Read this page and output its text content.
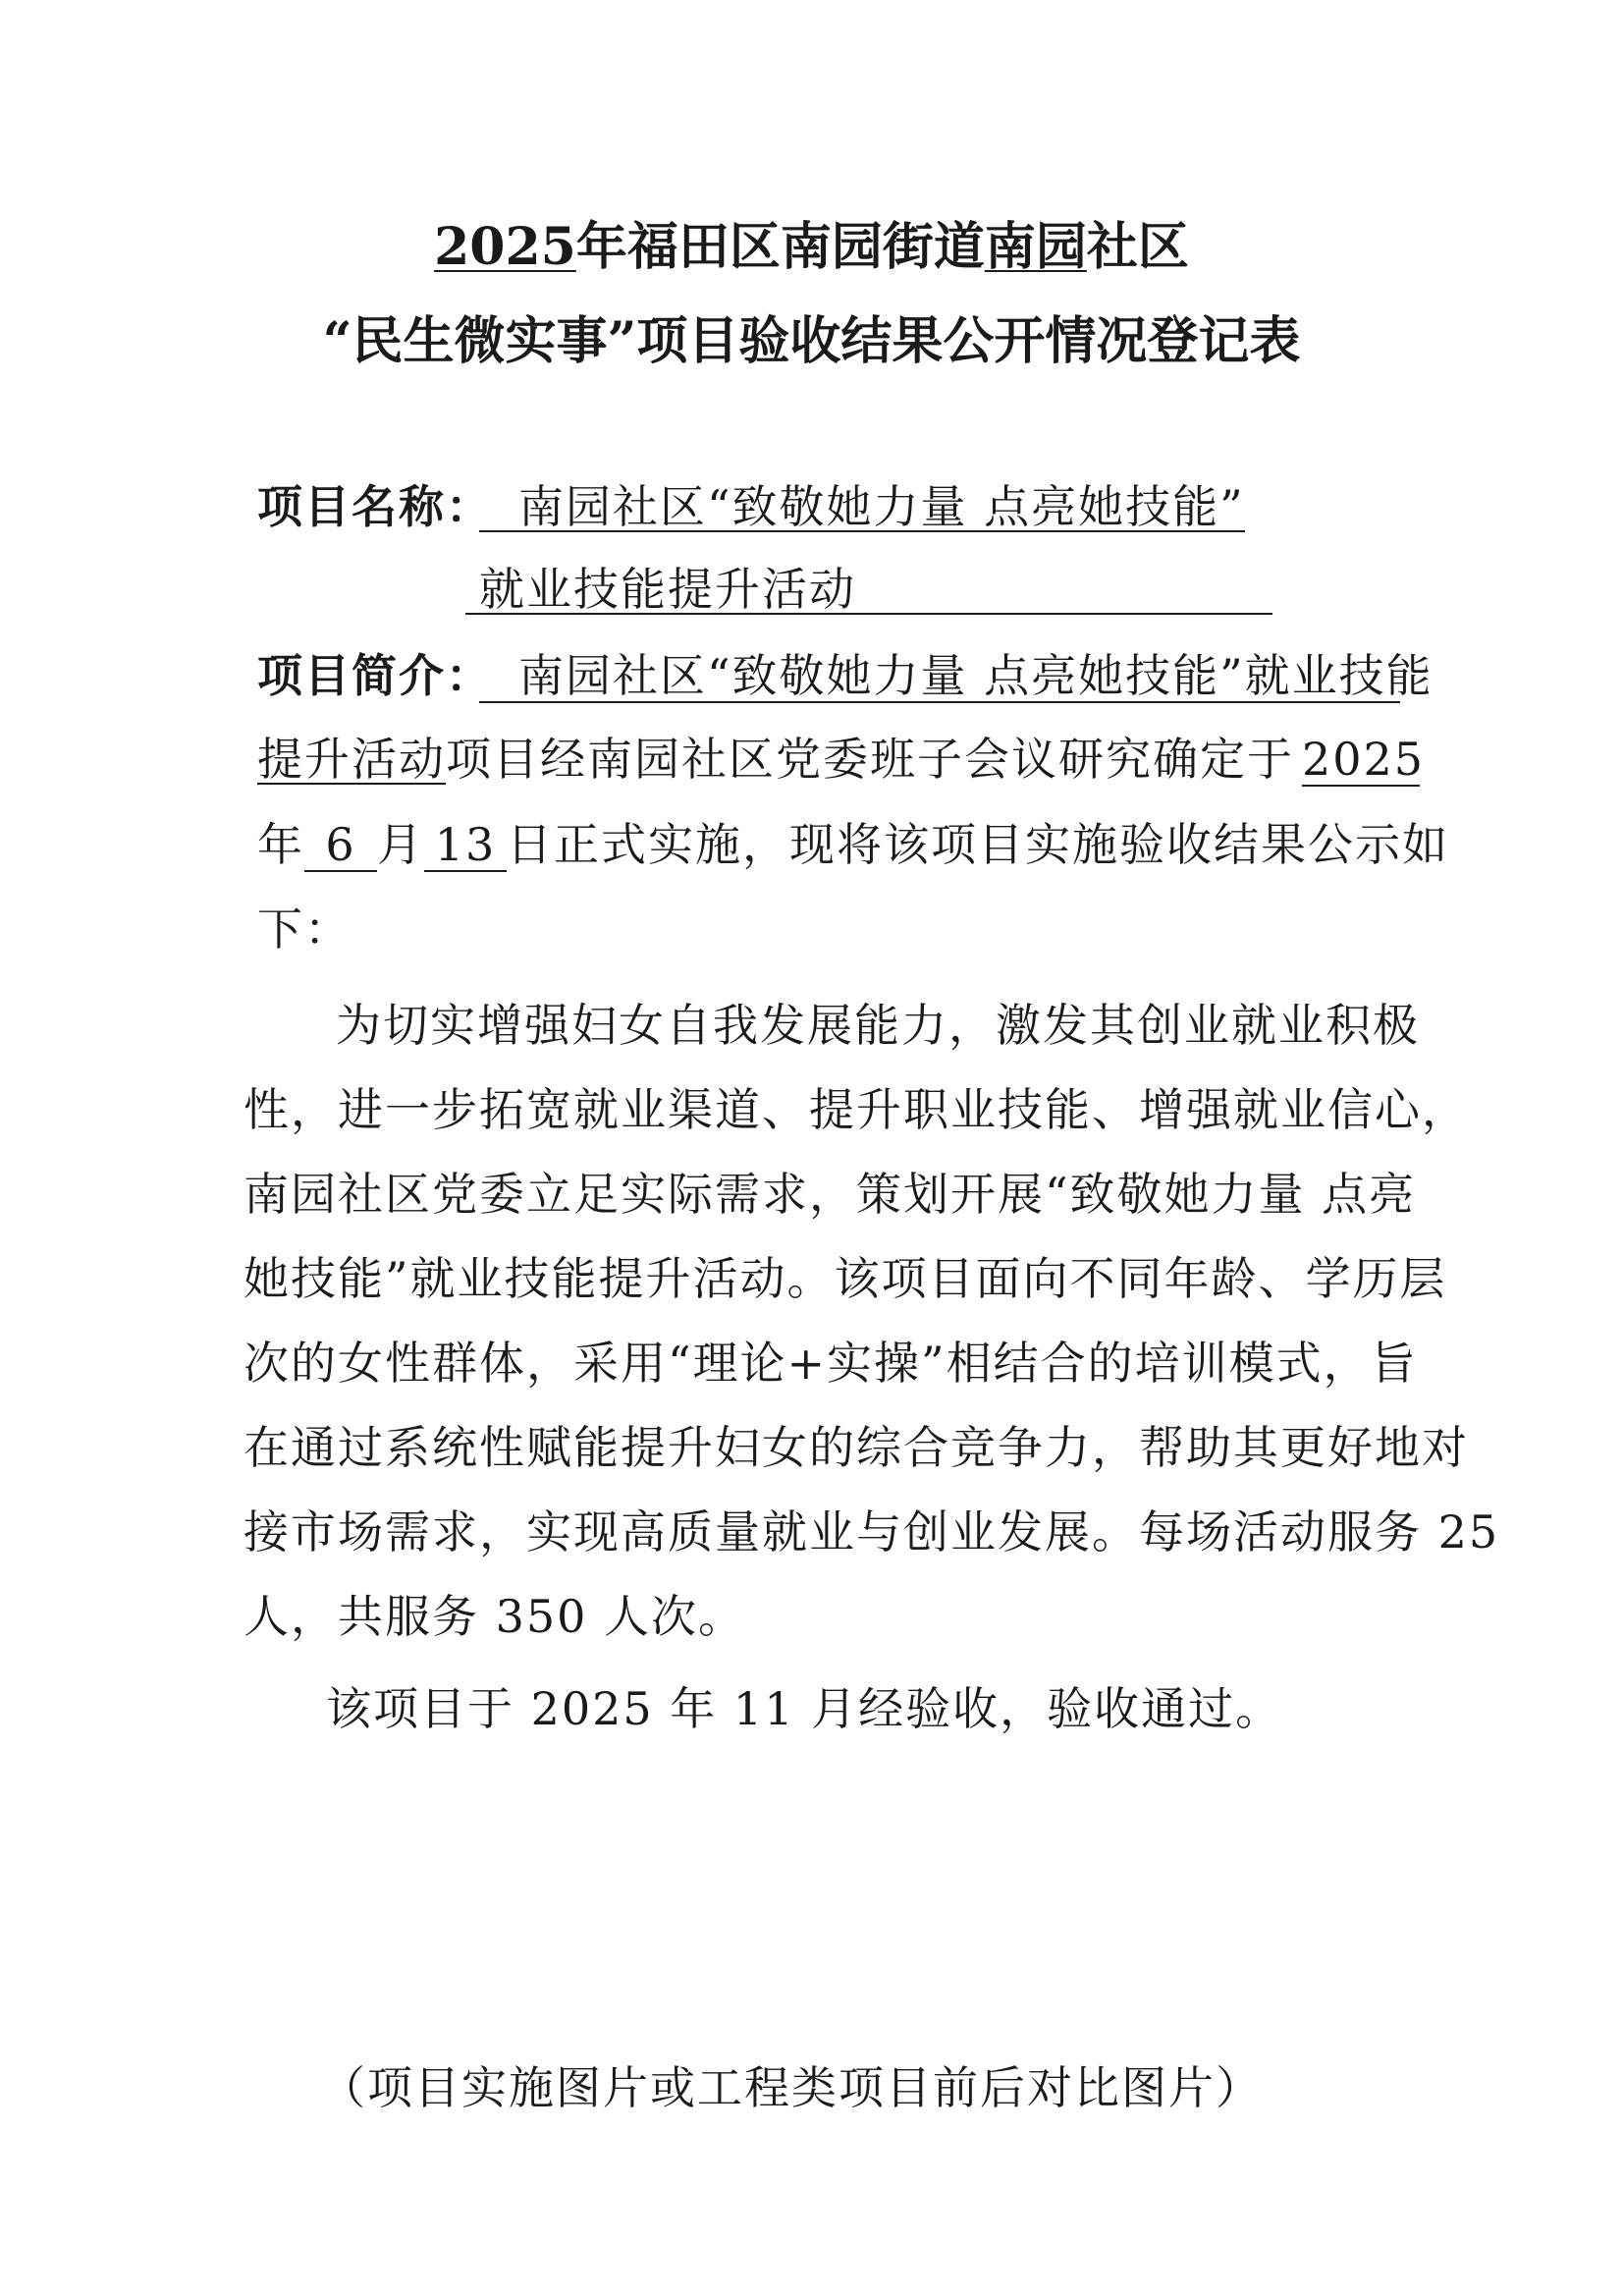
2025年福田区南园街道南园社区
“民生微实事”项目验收结果公开情况登记表
项目名称： 南园社区“致敬她力量 点亮她技能”
就业技能提升活动
项目简介： 南园社区“致敬她力量 点亮她技能”就业技能
提升活动项目经南园社区党委班子会议研究确定于 2025
年 6 月 13 日正式实施，现将该项目实施验收结果公示如
下：
为切实增强妇女自我发展能力，激发其创业就业积极
性，进一步拓宽就业渠道、提升职业技能、增强就业信心，
南园社区党委立足实际需求，策划开展“致敬她力量 点亮
她技能”就业技能提升活动。该项目面向不同年龄、学历层
次的女性群体，采用“理论+实操”相结合的培训模式，旨
在通过系统性赋能提升妇女的综合竞争力，帮助其更好地对
接市场需求，实现高质量就业与创业发展。每场活动服务 25
人，共服务 350 人次。
该项目于 2025 年 11 月经验收，验收通过。
（项目实施图片或工程类项目前后对比图片）
